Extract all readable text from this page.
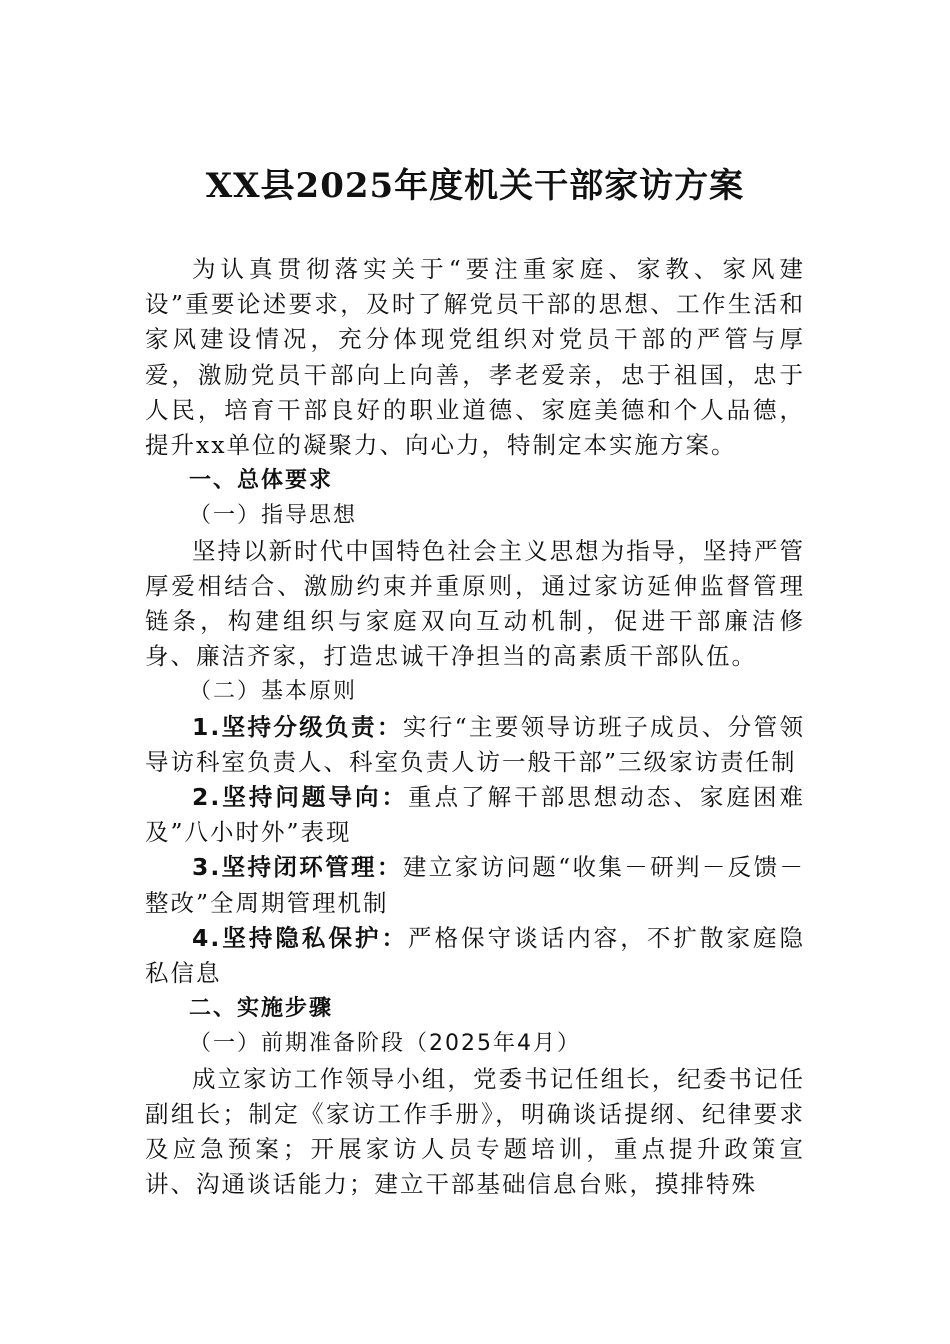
XX县2025年度机关干部家访方案

为认真贯彻落实关于“要注重家庭、家教、家风建设”重要论述要求，及时了解党员干部的思想、工作生活和家风建设情况，充分体现党组织对党员干部的严管与厚爱，激励党员干部向上向善，孝老爱亲，忠于祖国，忠于人民，培育干部良好的职业道德、家庭美德和个人品德，提升xx单位的凝聚力、向心力，特制定本实施方案。

一、总体要求

（一）指导思想

坚持以新时代中国特色社会主义思想为指导，坚持严管厚爱相结合、激励约束并重原则，通过家访延伸监督管理链条，构建组织与家庭双向互动机制，促进干部廉洁修身、廉洁齐家，打造忠诚干净担当的高素质干部队伍。

（二）基本原则

1.坚持分级负责：实行“主要领导访班子成员、分管领导访科室负责人、科室负责人访一般干部”三级家访责任制

2.坚持问题导向：重点了解干部思想动态、家庭困难及”八小时外”表现

3.坚持闭环管理：建立家访问题“收集－研判－反馈－整改”全周期管理机制

4.坚持隐私保护：严格保守谈话内容，不扩散家庭隐私信息

二、实施步骤

（一）前期准备阶段（2025年4月）

成立家访工作领导小组，党委书记任组长，纪委书记任副组长；制定《家访工作手册》，明确谈话提纲、纪律要求及应急预案；开展家访人员专题培训，重点提升政策宣讲、沟通谈话能力；建立干部基础信息台账，摸排特殊
